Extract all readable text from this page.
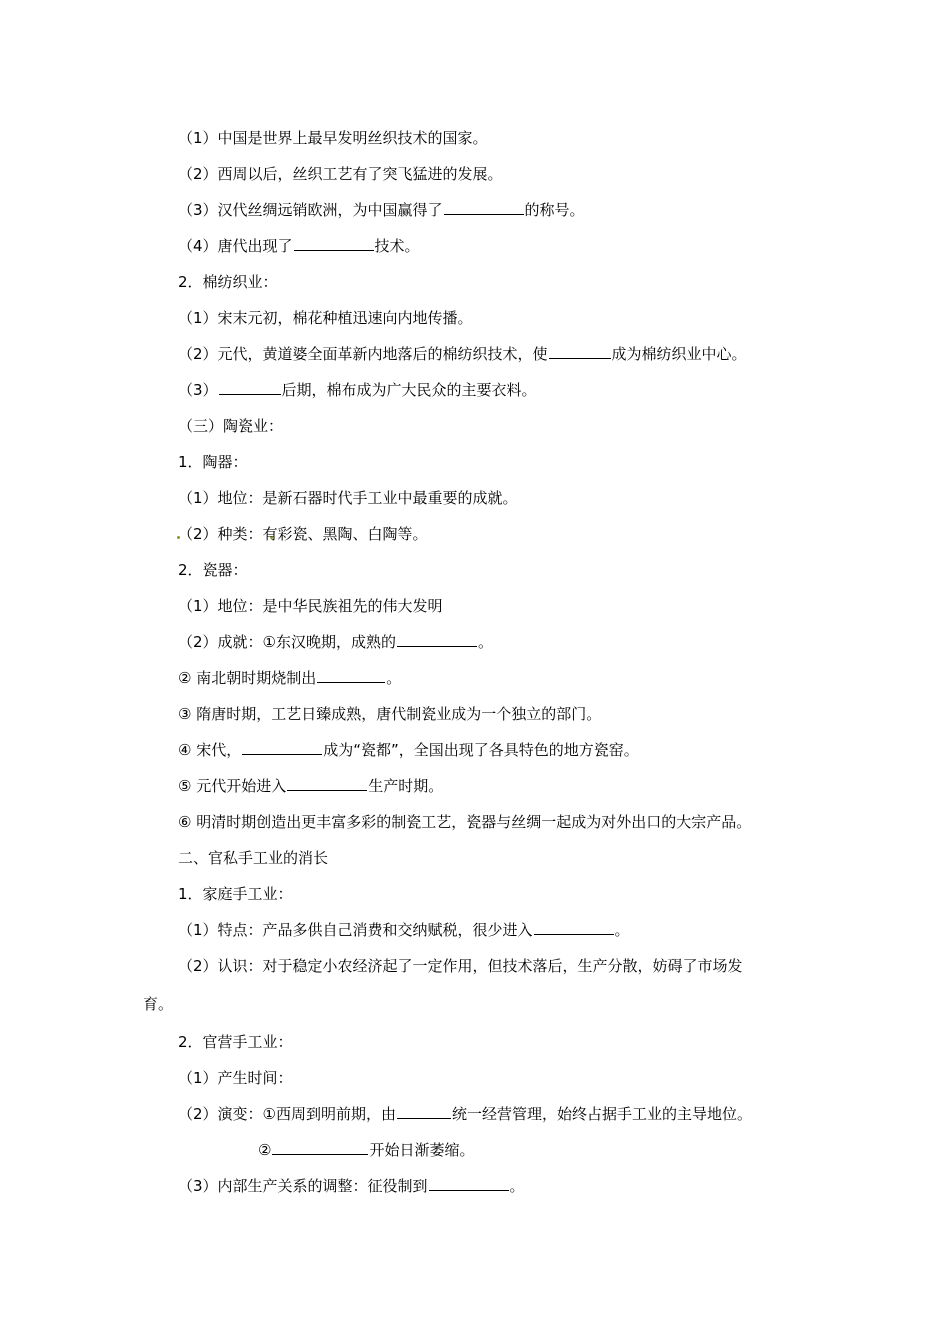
（1）中国是世界上最早发明丝织技术的国家。
（2）西周以后，丝织工艺有了突飞猛进的发展。
（3）汉代丝绸远销欧洲，为中国赢得了	的称号。
（4）唐代出现了	技术。
2．棉纺织业：
（1）宋末元初，棉花种植迅速向内地传播。
（2）元代，黄道婆全面革新内地落后的棉纺织技术，使	成为棉纺织业中心。
（3）	后期，棉布成为广大民众的主要衣料。
（三）陶瓷业：
1．陶器：
（1）地位：是新石器时代手工业中最重要的成就。
（2）种类：有彩瓷、黑陶、白陶等。
2．瓷器：
（1）地位：是中华民族祖先的伟大发明
（2）成就：①东汉晚期，成熟的	。
② 南北朝时期烧制出	。
③ 隋唐时期，工艺日臻成熟，唐代制瓷业成为一个独立的部门。
④ 宋代，	成为“瓷都”，全国出现了各具特色的地方瓷窑。
⑤ 元代开始进入	生产时期。
⑥ 明清时期创造出更丰富多彩的制瓷工艺，瓷器与丝绸一起成为对外出口的大宗产品。
二、官私手工业的消长
1．家庭手工业：
（1）特点：产品多供自己消费和交纳赋税，很少进入	。
（2）认识：对于稳定小农经济起了一定作用，但技术落后，生产分散，妨碍了市场发
育。
2．官营手工业：
（1）产生时间：
（2）演变：①西周到明前期，由	统一经营管理，始终占据手工业的主导地位。
②	开始日渐萎缩。
（3）内部生产关系的调整：征役制到	。
